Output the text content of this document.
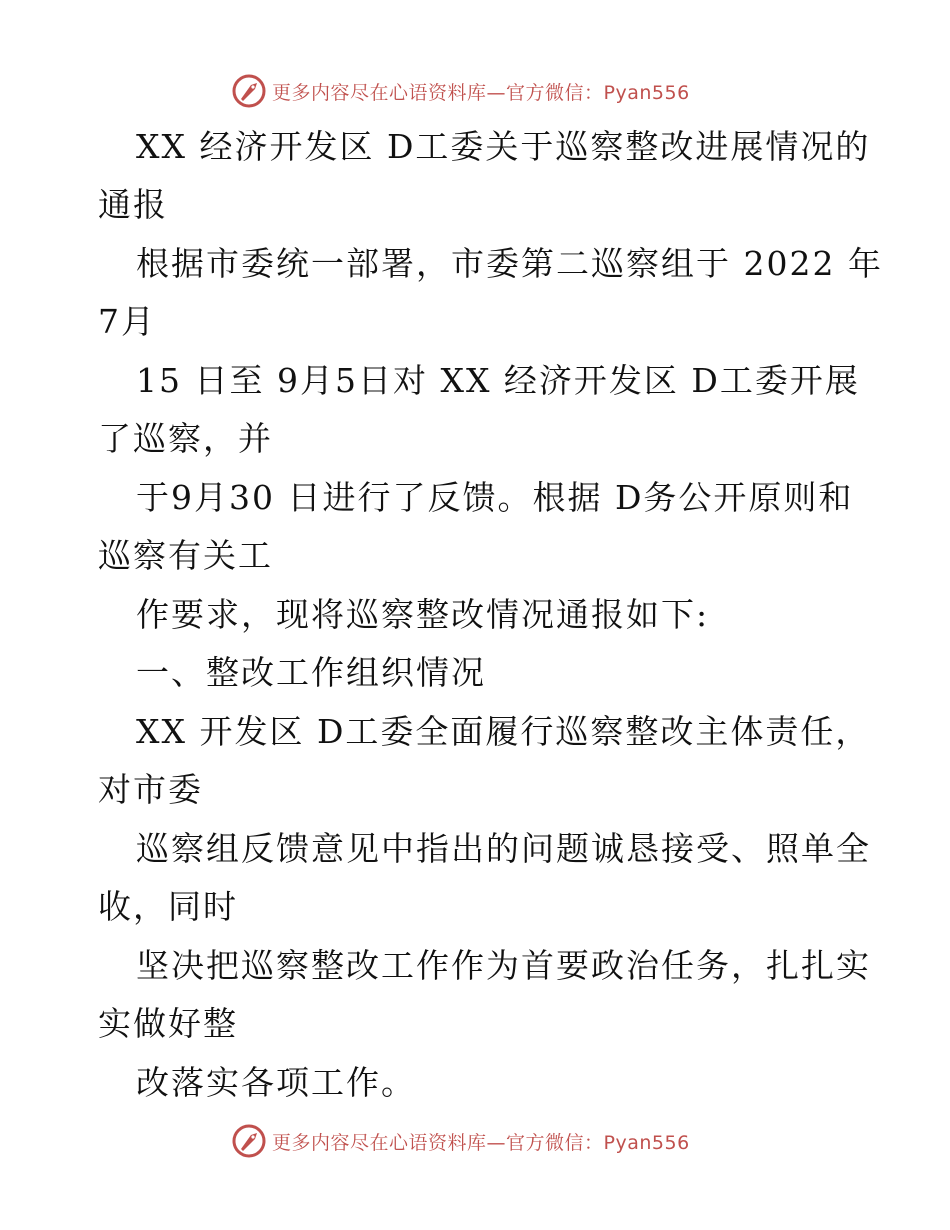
更多内容尽在心语资料库—官方微信：Pyan556
XX 经济开发区 D工委关于巡察整改进展情况的
通报
根据市委统一部署，市委第二巡察组于 2022 年
7月
15 日至 9月5日对 XX 经济开发区 D工委开展
了巡察，并
于9月30 日进行了反馈。根据 D务公开原则和
巡察有关工
作要求，现将巡察整改情况通报如下:
一、整改工作组织情况
XX 开发区 D工委全面履行巡察整改主体责任，
对市委
巡察组反馈意见中指出的问题诚恳接受、照单全
收，同时
坚决把巡察整改工作作为首要政治任务，扎扎实
实做好整
改落实各项工作。
更多内容尽在心语资料库—官方微信：Pyan556
